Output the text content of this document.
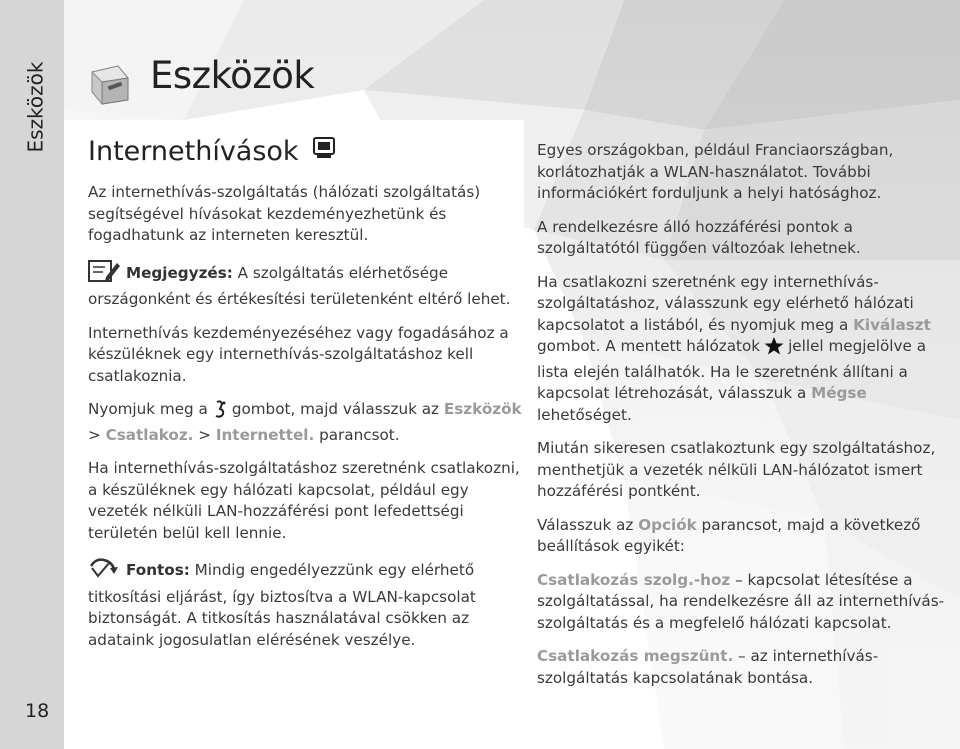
Eszközök
18
Eszközök
Internethívások

Az internethívás-szolgáltatás (hálózati szolgáltatás) segítségével hívásokat kezdeményezhetünk és fogadhatunk az interneten keresztül.

Megjegyzés: A szolgáltatás elérhetősége országonként és értékesítési területenként eltérő lehet.

Internethívás kezdeményezéséhez vagy fogadásához a készüléknek egy internethívás-szolgáltatáshoz kell csatlakoznia.

Nyomjuk meg a gombot, majd válasszuk az Eszközök > Csatlakoz. > Internettel. parancsot.

Ha internethívás-szolgáltatáshoz szeretnénk csatlakozni, a készüléknek egy hálózati kapcsolat, például egy vezeték nélküli LAN-hozzáférési pont lefedettségi területén belül kell lennie.

Fontos: Mindig engedélyezzünk egy elérhető titkosítási eljárást, így biztosítva a WLAN-kapcsolat biztonságát. A titkosítás használatával csökken az adataink jogosulatlan elérésének veszélye.

Egyes országokban, például Franciaországban, korlátozhatják a WLAN-használatot. További információkért forduljunk a helyi hatósághoz.

A rendelkezésre álló hozzáférési pontok a szolgáltatótól függően változóak lehetnek.

Ha csatlakozni szeretnénk egy internethívás-szolgáltatáshoz, válasszunk egy elérhető hálózati kapcsolatot a listából, és nyomjuk meg a Kiválaszt gombot. A mentett hálózatok jellel megjelölve a lista elején találhatók. Ha le szeretnénk állítani a kapcsolat létrehozását, válasszuk a Mégse lehetőséget.

Miután sikeresen csatlakoztunk egy szolgáltatáshoz, menthetjük a vezeték nélküli LAN-hálózatot ismert hozzáférési pontként.

Válasszuk az Opciók parancsot, majd a következő beállítások egyikét:

Csatlakozás szolg.-hoz – kapcsolat létesítése a szolgáltatással, ha rendelkezésre áll az internethívás-szolgáltatás és a megfelelő hálózati kapcsolat.

Csatlakozás megszünt. – az internethívás-szolgáltatás kapcsolatának bontása.
